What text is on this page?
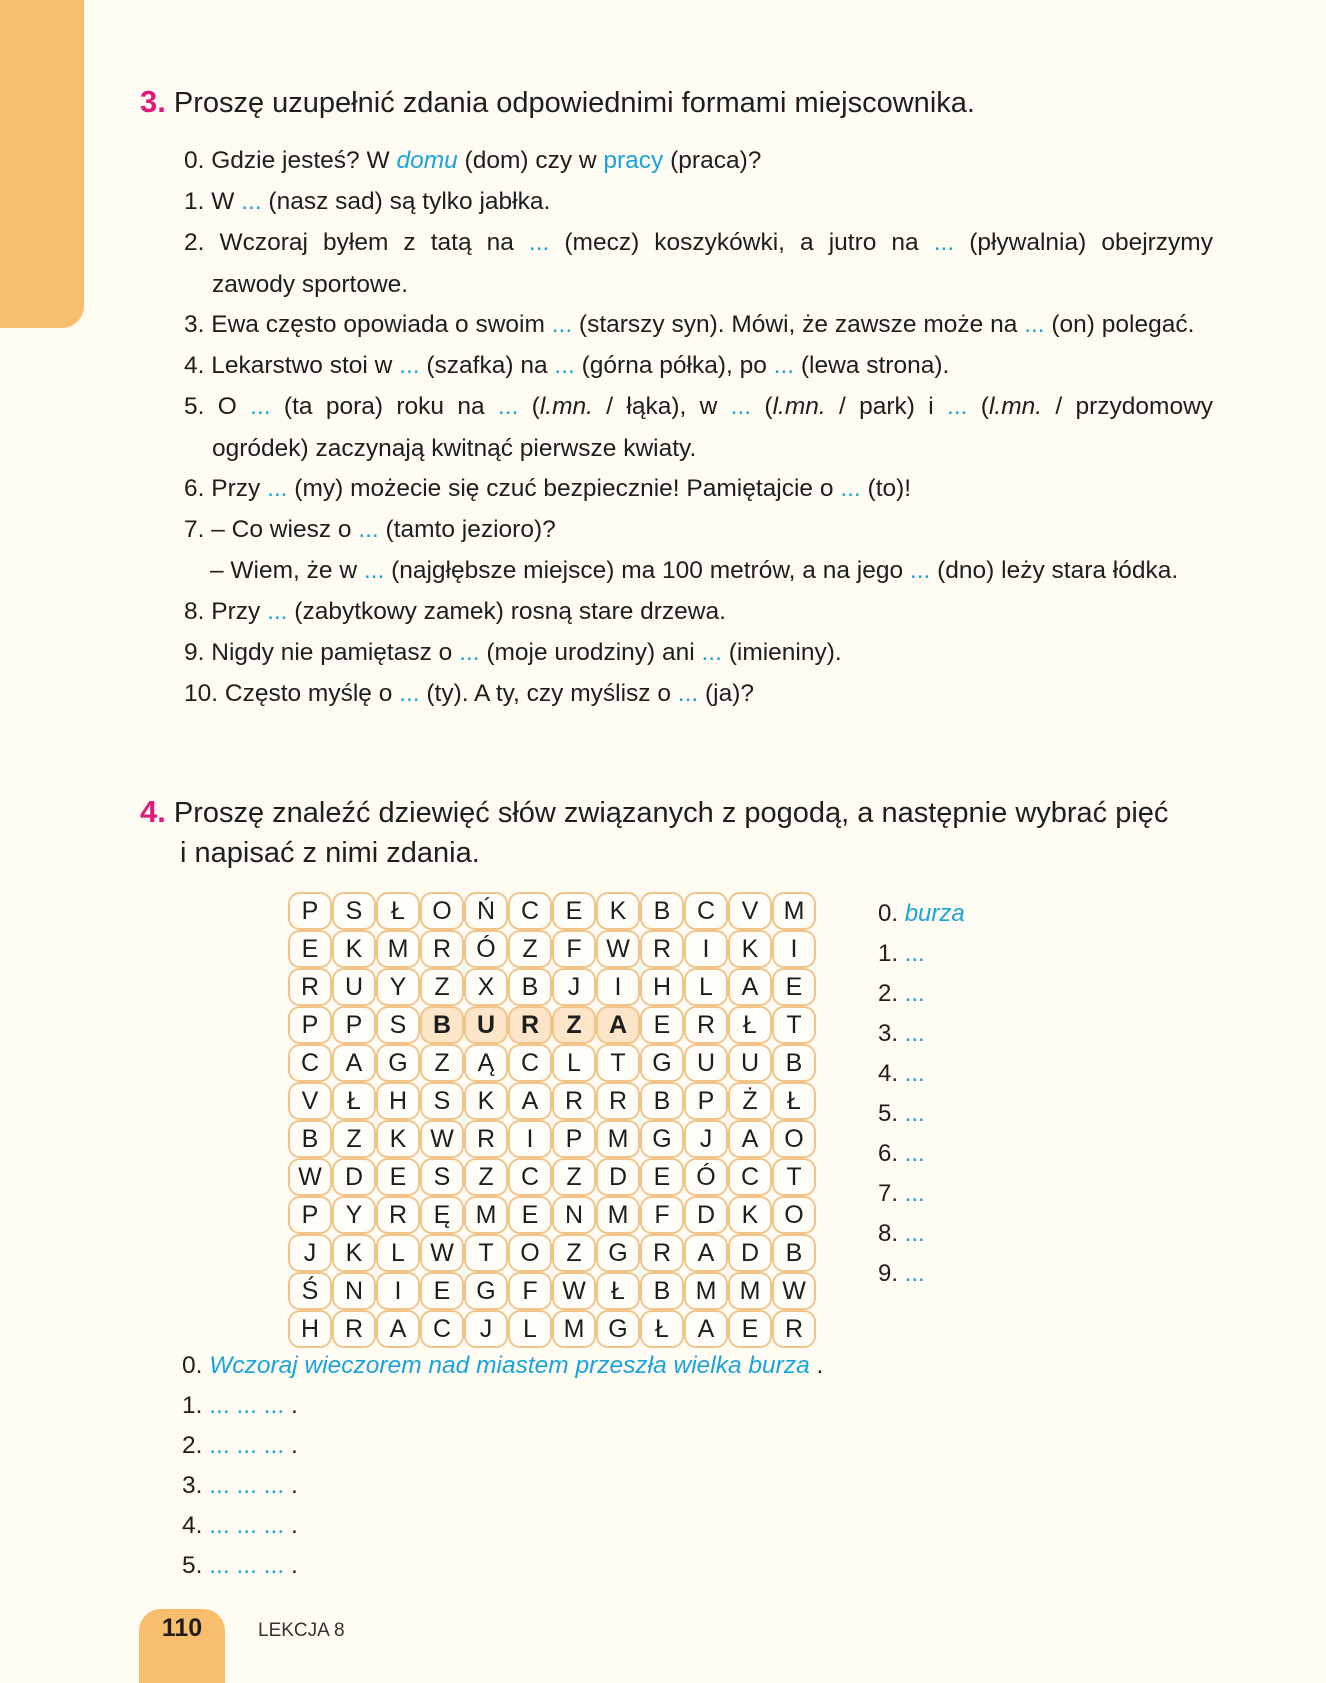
3. Proszę uzupełnić zdania odpowiednimi formami miejscownika.
0. Gdzie jesteś? W domu (dom) czy w pracy (praca)?
1. W ... (nasz sad) są tylko jabłka.
2. Wczoraj byłem z tatą na ... (mecz) koszykówki, a jutro na ... (pływalnia) obejrzymy
zawody sportowe.
3. Ewa często opowiada o swoim ... (starszy syn). Mówi, że zawsze może na ... (on) polegać.
4. Lekarstwo stoi w ... (szafka) na ... (górna półka), po ... (lewa strona).
5. O ... (ta pora) roku na ... (l.mn. / łąka), w ... (l.mn. / park) i ... (l.mn. / przydomowy
ogródek) zaczynają kwitnąć pierwsze kwiaty.
6. Przy ... (my) możecie się czuć bezpiecznie! Pamiętajcie o ... (to)!
7. – Co wiesz o ... (tamto jezioro)?
– Wiem, że w ... (najgłębsze miejsce) ma 100 metrów, a na jego ... (dno) leży stara łódka.
8. Przy ... (zabytkowy zamek) rosną stare drzewa.
9. Nigdy nie pamiętasz o ... (moje urodziny) ani ... (imieniny).
10. Często myślę o ... (ty). A ty, czy myślisz o ... (ja)?
4. Proszę znaleźć dziewięć słów związanych z pogodą, a następnie wybrać pięć
i napisać z nimi zdania.
P	S	Ł	O	Ń	C	E	K	B	C	V	M
E	K	M	R	Ó	Z	F	W	R	I	K	I
R	U	Y	Z	X	B	J	I	H	L	A	E
P	P	S	B	U	R	Z	A	E	R	Ł	T
C	A	G	Z	Ą	C	L	T	G	U	U	B
V	Ł	H	S	K	A	R	R	B	P	Ż	Ł
B	Z	K	W	R	I	P	M	G	J	A	O
W	D	E	S	Z	C	Z	D	E	Ó	C	T
P	Y	R	Ę	M	E	N	M	F	D	K	O
J	K	L	W	T	O	Z	G	R	A	D	B
Ś	N	I	E	G	F	W	Ł	B	M	M	W
H	R	A	C	J	L	M	G	Ł	A	E	R
0. burza
1. ...
2. ...
3. ...
4. ...
5. ...
6. ...
7. ...
8. ...
9. ...
0. Wczoraj wieczorem nad miastem przeszła wielka burza .
1. ... ... ... .
2. ... ... ... .
3. ... ... ... .
4. ... ... ... .
5. ... ... ... .
110	LEKCJA 8
